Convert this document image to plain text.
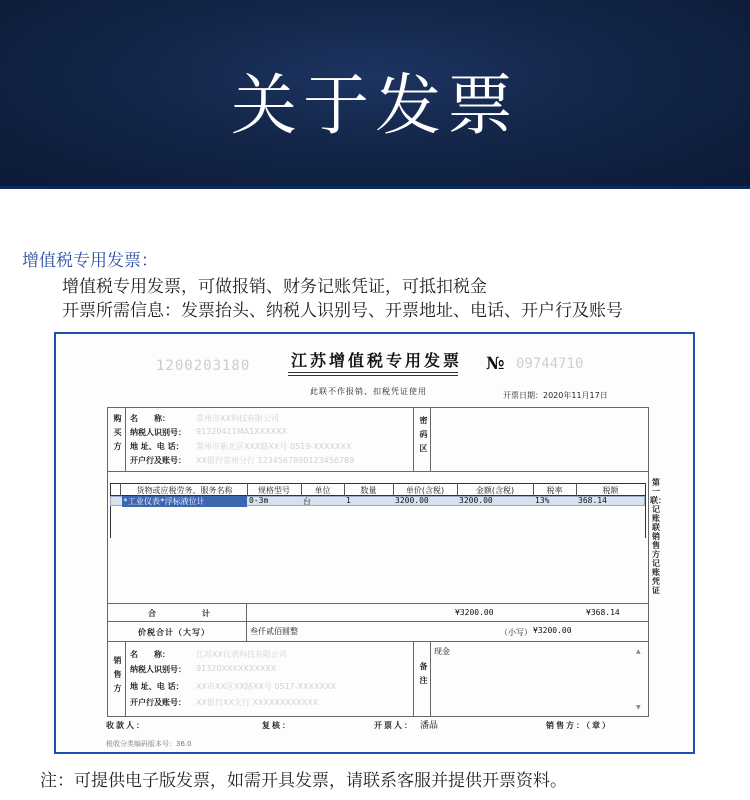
关于发票
增值税专用发票：
增值税专用发票，可做报销、财务记账凭证，可抵扣税金
开票所需信息：发票抬头、纳税人识别号、开票地址、电话、开户行及账号
1200203180	江苏增值税专用发票 № 09744710
此联不作报销、扣税凭证使用	开票日期：2020年11月17日
购买方 名　　称：	常州市XX科技有限公司
纳税人识别号： 91320411MA1XXXXXX
地 址、电 话： 常州市新北区XXX路XX号 0519-XXXXXXX
开户行及账号： XX银行常州分行 1234567890123456789
密码区
货物或应税劳务、服务名称	规格型号	单位	数量	单价(含税)	金额(含税)	税率	税额
*工业仪表*浮标液位计	0-3m	台	1	3200.00	3200.00	13%	368.14
合　　计	¥3200.00	¥368.14
价税合计（大写）	叁仟贰佰圆整	（小写） ¥3200.00
销售方
名　　称：	江苏XX仪表科技有限公司
纳税人识别号： 91320XXXXXXXXXX
地 址、电 话： XX市XX区XX路XX号 0517-XXXXXXX
开户行及账号： XX银行XX支行 XXXXXXXXXXXX
备注
现金	▲
▼
第一联：记账联 销售方记账凭证
收款人：	复核：	开票人： 潘晶	销售方：（章）
税收分类编码版本号：36.0
注：可提供电子版发票，如需开具发票，请联系客服并提供开票资料。
